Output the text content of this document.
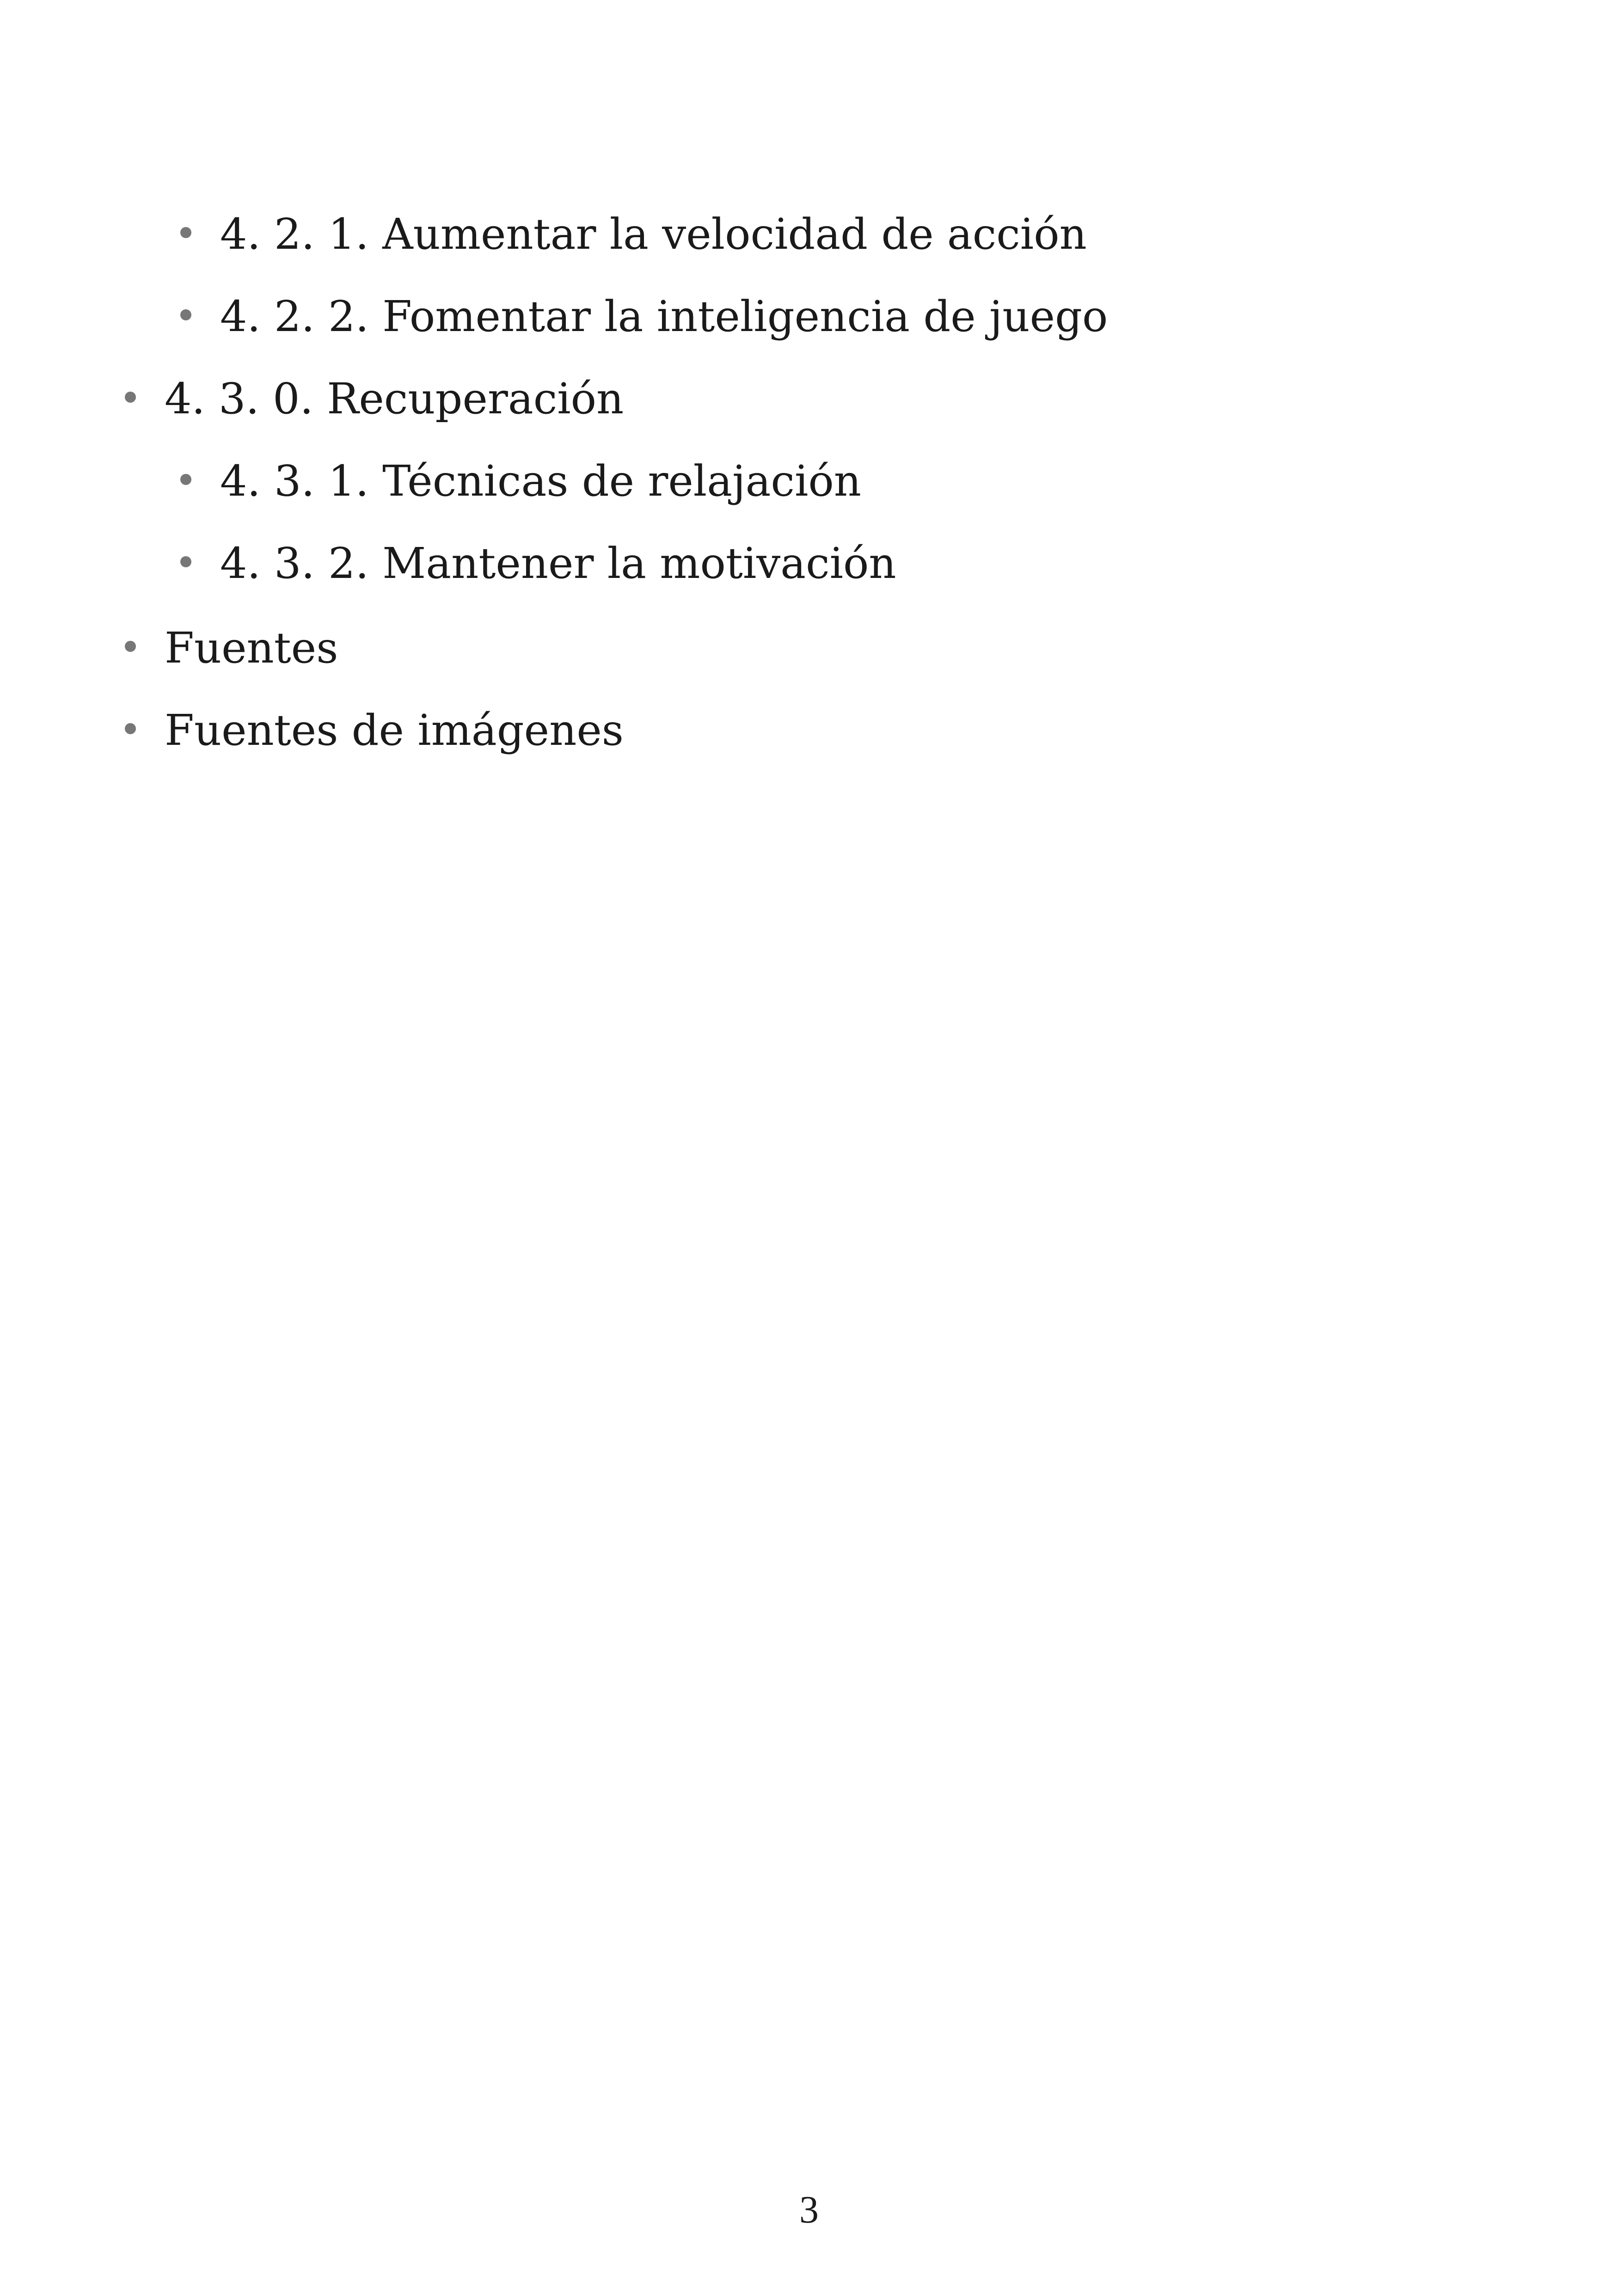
4. 2. 1. Aumentar la velocidad de acción
4. 2. 2. Fomentar la inteligencia de juego
4. 3. 0. Recuperación
4. 3. 1. Técnicas de relajación
4. 3. 2. Mantener la motivación
Fuentes
Fuentes de imágenes
3
